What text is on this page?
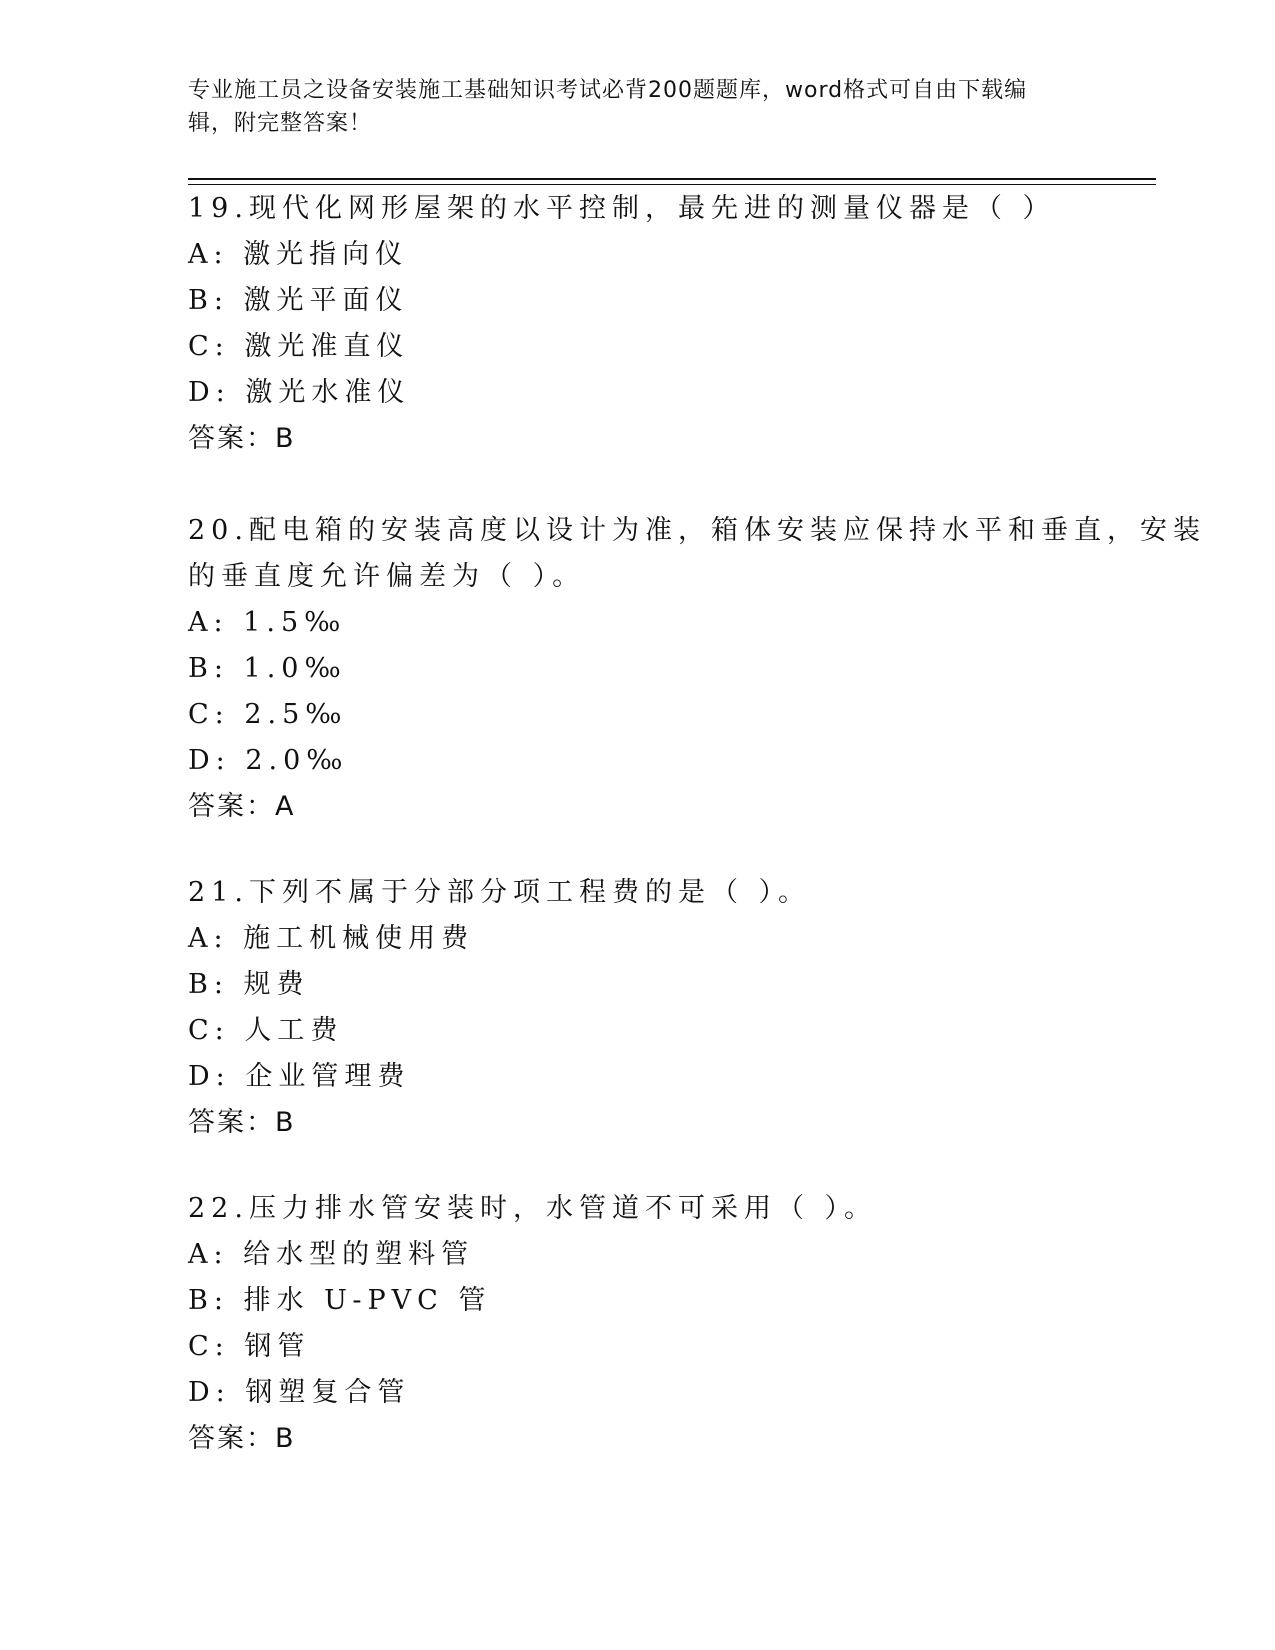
专业施工员之设备安装施工基础知识考试必背200题题库，word格式可自由下载编辑，附完整答案！
19.现代化网形屋架的水平控制，最先进的测量仪器是（ ）
A: 激光指向仪
B: 激光平面仪
C: 激光准直仪
D: 激光水准仪
答案：B
20.配电箱的安装高度以设计为准，箱体安装应保持水平和垂直，安装
的垂直度允许偏差为（ ）。
A: 1.5‰
B: 1.0‰
C: 2.5‰
D: 2.0‰
答案：A
21.下列不属于分部分项工程费的是（ ）。
A: 施工机械使用费
B: 规费
C: 人工费
D: 企业管理费
答案：B
22.压力排水管安装时，水管道不可采用（ ）。
A: 给水型的塑料管
B: 排水 U-PVC 管
C: 钢管
D: 钢塑复合管
答案：B
